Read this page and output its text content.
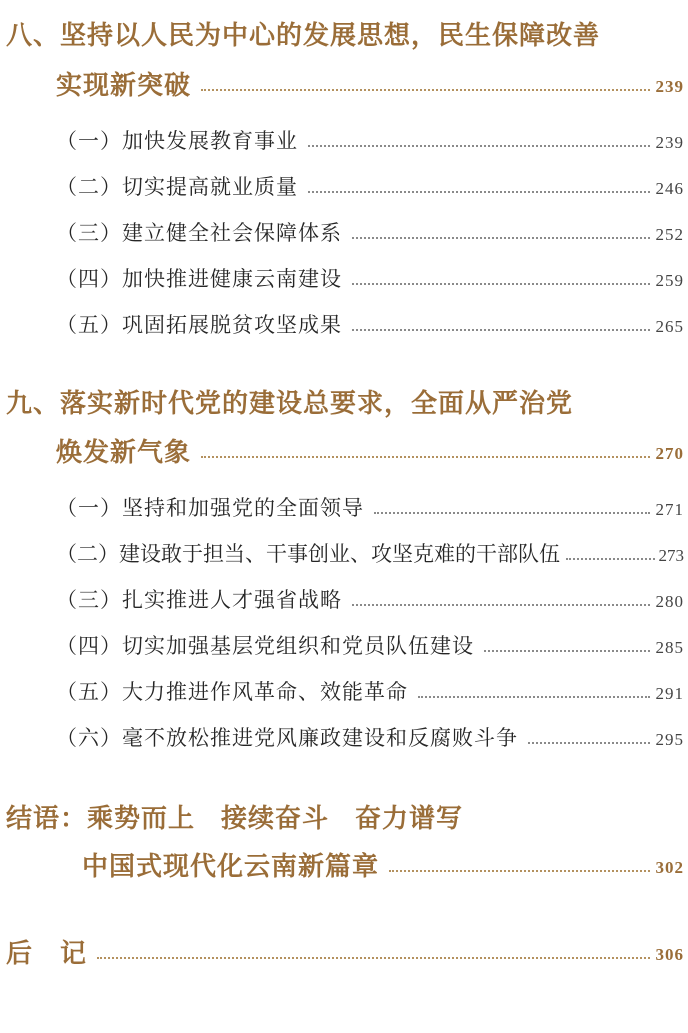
八、坚持以人民为中心的发展思想，民生保障改善
实现新突破	239
（一）加快发展教育事业	239
（二）切实提高就业质量	246
（三）建立健全社会保障体系	252
（四）加快推进健康云南建设	259
（五）巩固拓展脱贫攻坚成果	265
九、落实新时代党的建设总要求，全面从严治党
焕发新气象	270
（一）坚持和加强党的全面领导	271
（二）建设敢于担当、干事创业、攻坚克难的干部队伍	273
（三）扎实推进人才强省战略	280
（四）切实加强基层党组织和党员队伍建设	285
（五）大力推进作风革命、效能革命	291
（六）毫不放松推进党风廉政建设和反腐败斗争	295
结语： 乘势而上 接续奋斗 奋力谱写
中国式现代化云南新篇章	302
后　记	306
